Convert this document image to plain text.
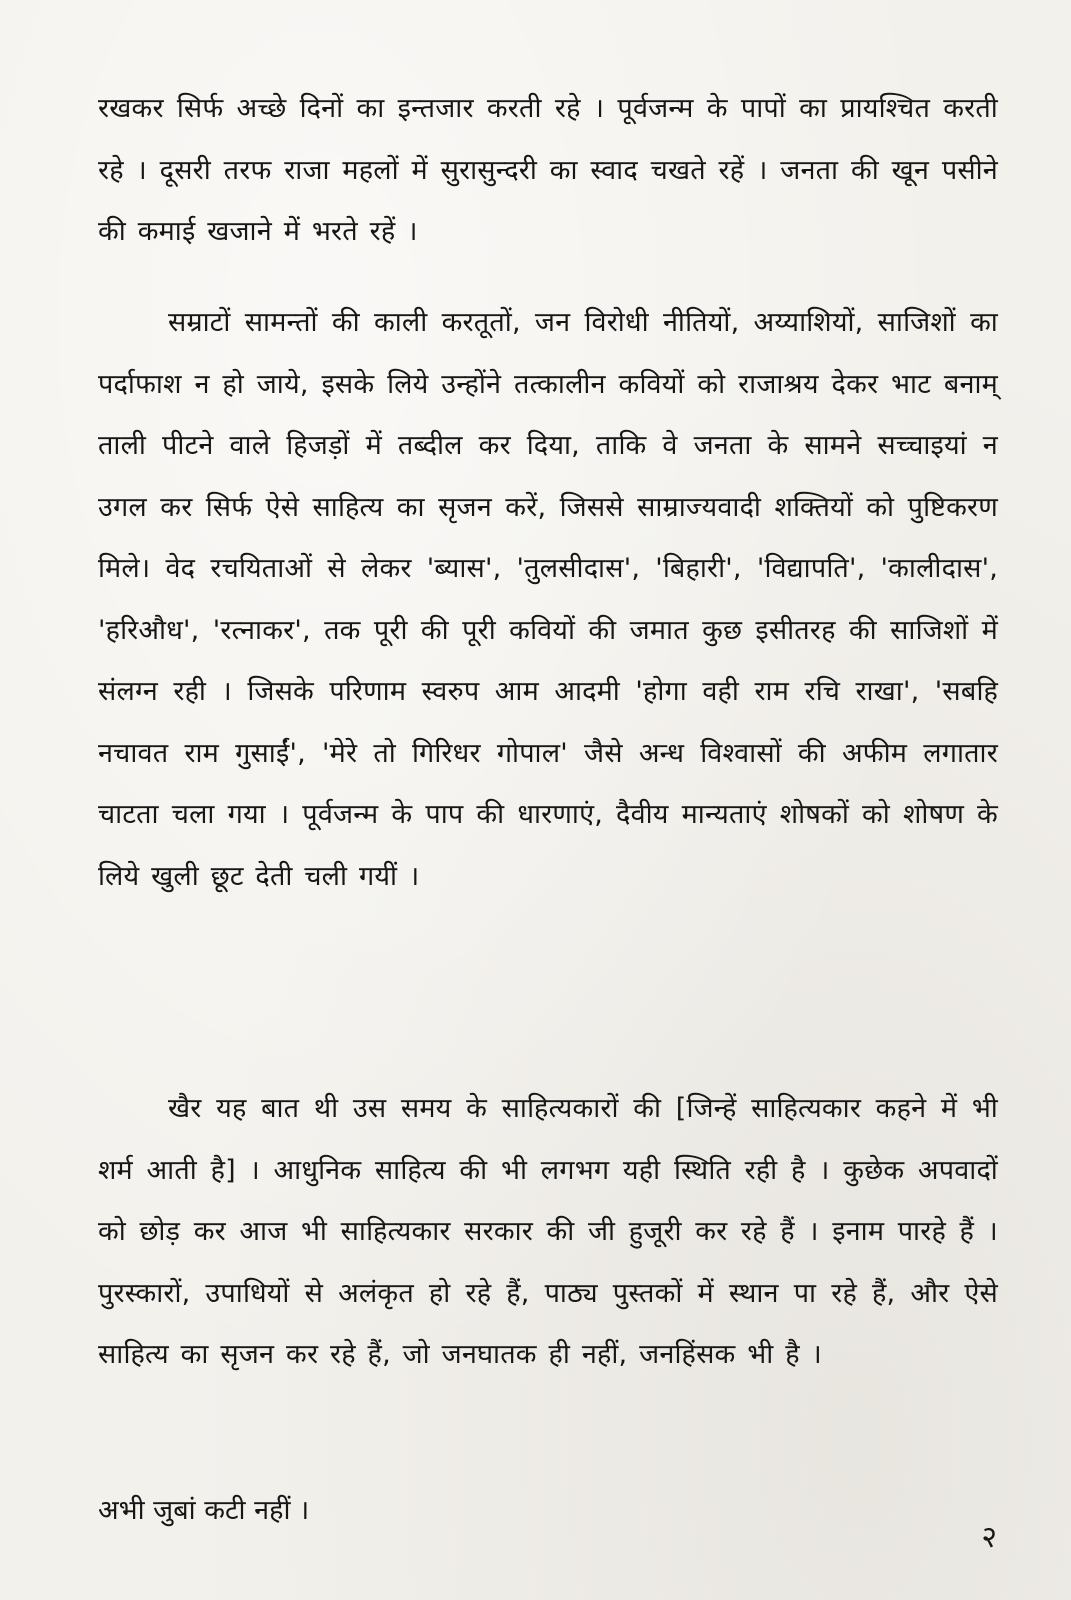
रखकर सिर्फ अच्छे दिनों का इन्तजार करती रहे । पूर्वजन्म के पापों का प्रायश्चित करती रहे । दूसरी तरफ राजा महलों में सुरासुन्दरी का स्वाद चखते रहें । जनता की खून पसीने की कमाई खजाने में भरते रहें ।

सम्राटों सामन्तों की काली करतूतों, जन विरोधी नीतियों, अय्याशियों, साजिशों का पर्दाफाश न हो जाये, इसके लिये उन्होंने तत्कालीन कवियों को राजाश्रय देकर भाट बनाम् ताली पीटने वाले हिजड़ों में तब्दील कर दिया, ताकि वे जनता के सामने सच्चाइयां न उगल कर सिर्फ ऐसे साहित्य का सृजन करें, जिससे साम्राज्यवादी शक्तियों को पुष्टिकरण मिले। वेद रचयिताओं से लेकर 'ब्यास', 'तुलसीदास', 'बिहारी', 'विद्यापति', 'कालीदास', 'हरिऔध', 'रत्नाकर', तक पूरी की पूरी कवियों की जमात कुछ इसीतरह की साजिशों में संलग्न रही । जिसके परिणाम स्वरुप आम आदमी 'होगा वही राम रचि राखा', 'सबहि नचावत राम गुसाईं', 'मेरे तो गिरिधर गोपाल' जैसे अन्ध विश्वासों की अफीम लगातार चाटता चला गया । पूर्वजन्म के पाप की धारणाएं, दैवीय मान्यताएं शोषकों को शोषण के लिये खुली छूट देती चली गयीं ।

खैर यह बात थी उस समय के साहित्यकारों की [जिन्हें साहित्यकार कहने में भी शर्म आती है] । आधुनिक साहित्य की भी लगभग यही स्थिति रही है । कुछेक अपवादों को छोड़ कर आज भी साहित्यकार सरकार की जी हुजूरी कर रहे हैं । इनाम पारहे हैं । पुरस्कारों, उपाधियों से अलंकृत हो रहे हैं, पाठ्य पुस्तकों में स्थान पा रहे हैं, और ऐसे साहित्य का सृजन कर रहे हैं, जो जनघातक ही नहीं, जनहिंसक भी है ।

अभी जुबां कटी नहीं ।

२
